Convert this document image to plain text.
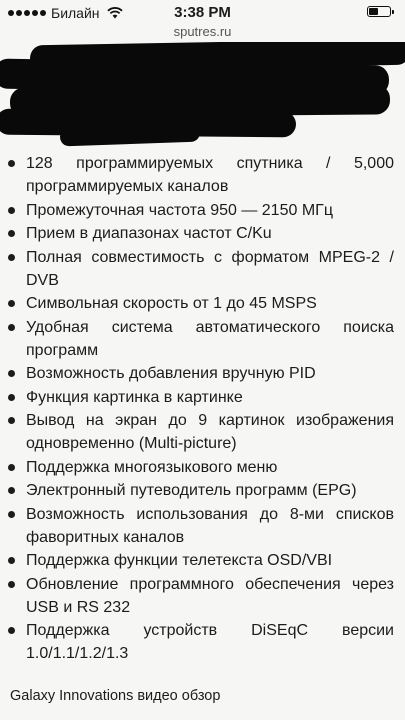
Билайн	3:38 PM
sputres.ru
128 программируемых спутника / 5,000 программируемых каналов
Промежуточная частота 950 — 2150 МГц
Прием в диапазонах частот C/Ku
Полная совместимость с форматом MPEG-2 / DVB
Символьная скорость от 1 до 45 MSPS
Удобная система автоматического поиска программ
Возможность добавления вручную PID
Функция картинка в картинке
Вывод на экран до 9 картинок изображения одновременно (Multi-picture)
Поддержка многоязыкового меню
Электронный путеводитель программ (EPG)
Возможность использования до 8-ми списков фаворитных каналов
Поддержка функции телетекста OSD/VBI
Обновление программного обеспечения через USB и RS 232
Поддержка устройств DiSEqC версии 1.0/1.1/1.2/1.3
Galaxy Innovations видео обзор
